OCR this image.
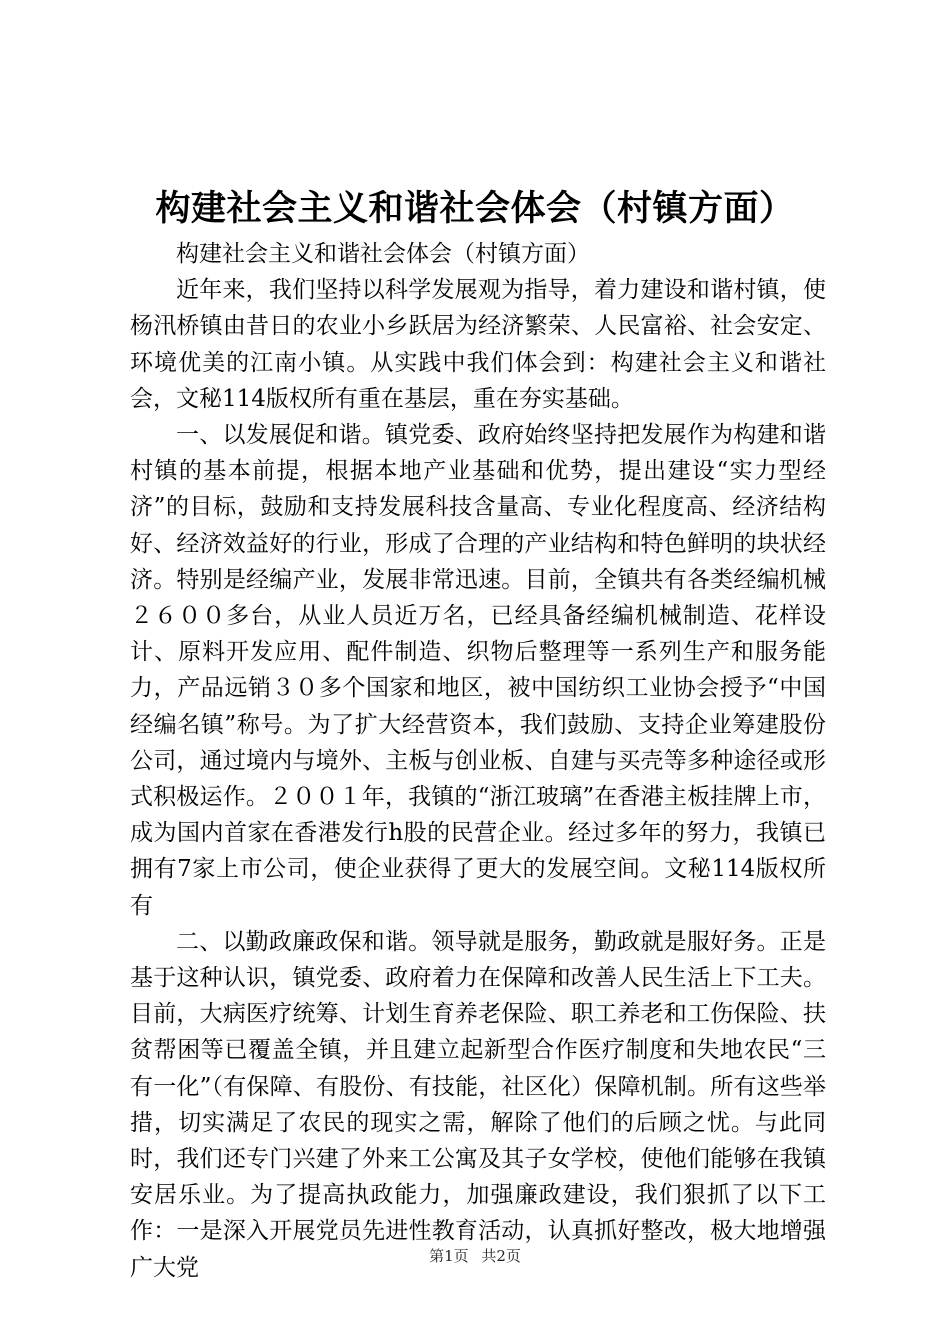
构建社会主义和谐社会体会（村镇方面）

构建社会主义和谐社会体会（村镇方面）

近年来，我们坚持以科学发展观为指导，着力建设和谐村镇，使杨汛桥镇由昔日的农业小乡跃居为经济繁荣、人民富裕、社会安定、环境优美的江南小镇。从实践中我们体会到：构建社会主义和谐社会，文秘114版权所有重在基层，重在夯实基础。

一、以发展促和谐。镇党委、政府始终坚持把发展作为构建和谐村镇的基本前提，根据本地产业基础和优势，提出建设“实力型经济”的目标，鼓励和支持发展科技含量高、专业化程度高、经济结构好、经济效益好的行业，形成了合理的产业结构和特色鲜明的块状经济。特别是经编产业，发展非常迅速。目前，全镇共有各类经编机械２６００多台，从业人员近万名，已经具备经编机械制造、花样设计、原料开发应用、配件制造、织物后整理等一系列生产和服务能力，产品远销３０多个国家和地区，被中国纺织工业协会授予“中国经编名镇”称号。为了扩大经营资本，我们鼓励、支持企业筹建股份公司，通过境内与境外、主板与创业板、自建与买壳等多种途径或形式积极运作。２００１年，我镇的“浙江玻璃”在香港主板挂牌上市，成为国内首家在香港发行h股的民营企业。经过多年的努力，我镇已拥有7家上市公司，使企业获得了更大的发展空间。文秘114版权所有

二、以勤政廉政保和谐。领导就是服务，勤政就是服好务。正是基于这种认识，镇党委、政府着力在保障和改善人民生活上下工夫。目前，大病医疗统筹、计划生育养老保险、职工养老和工伤保险、扶贫帮困等已覆盖全镇，并且建立起新型合作医疗制度和失地农民“三有一化”（有保障、有股份、有技能，社区化）保障机制。所有这些举措，切实满足了农民的现实之需，解除了他们的后顾之忧。与此同时，我们还专门兴建了外来工公寓及其子女学校，使他们能够在我镇安居乐业。为了提高执政能力，加强廉政建设，我们狠抓了以下工作：一是深入开展党员先进性教育活动，认真抓好整改，极大地增强广大党	第1页 共2页
